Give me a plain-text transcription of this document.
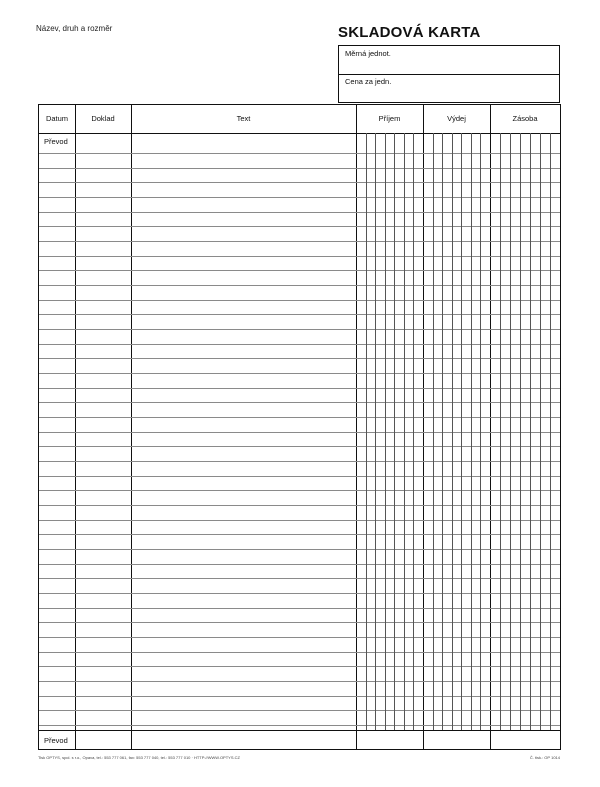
Název, druh a rozměr	SKLADOVÁ KARTA
Měrná jednot.
Cena za jedn.
Datum	Doklad	Text	Příjem	Výdej	Zásoba
Převod
Převod
Tisk OPTYS, spol. s r.o., Opava, tel.: 553 777 061, fax: 553 777 040, tel.: 553 777 010 · HTTP://WWW.OPTYS.CZ	Č. tisk.: OP 1014
